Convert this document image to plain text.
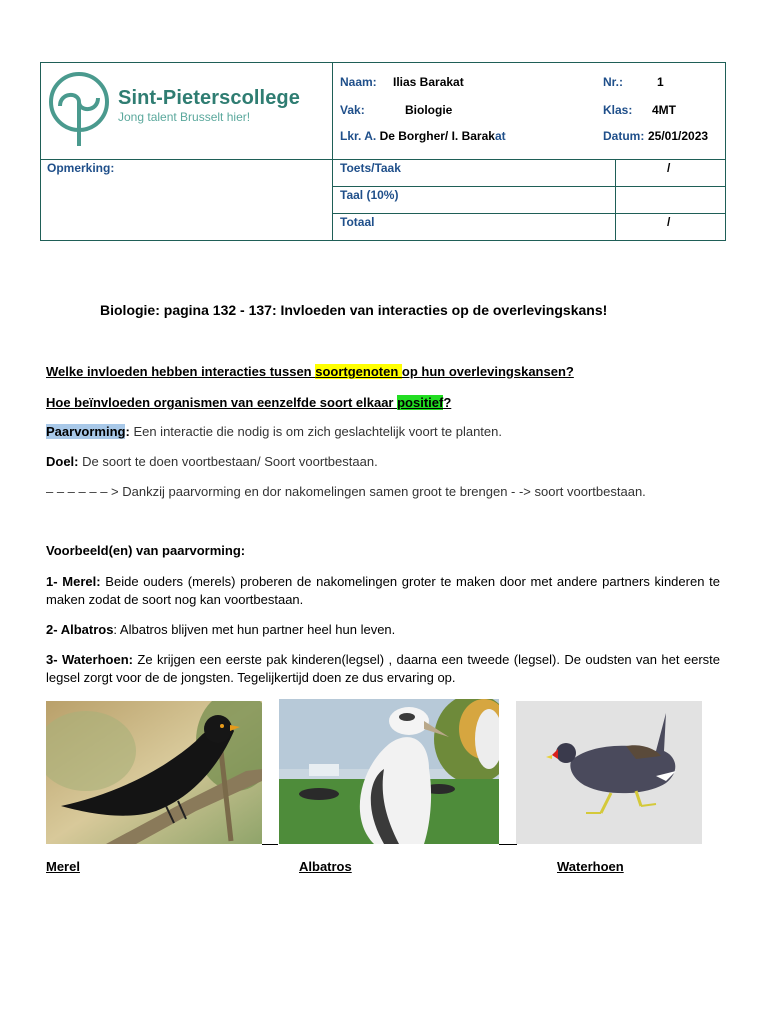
Sint-Pieterscollege
Jong talent Brusselt hier!
Naam: Ilias Barakat	Nr.:	1
Vak:	Biologie	Klas: 4MT
Lkr. A. De Borgher/ I. Barakat	Datum: 25/01/2023
Opmerking:	Toets/Taak	/
Taal (10%)
Totaal	/
Biologie: pagina 132 - 137: Invloeden van interacties op de overlevingskans!
Welke invloeden hebben interacties tussen soortgenoten op hun overlevingskansen?
Hoe beïnvloeden organismen van eenzelfde soort elkaar positief?
Paarvorming: Een interactie die nodig is om zich geslachtelijk voort te planten.
Doel: De soort te doen voortbestaan/ Soort voortbestaan.
– – – – – – > Dankzij paarvorming en dor nakomelingen samen groot te brengen - -> soort voortbestaan.
Voorbeeld(en) van paarvorming:
1- Merel: Beide ouders (merels) proberen de nakomelingen groter te maken door met andere partners kinderen te maken zodat de soort nog kan voortbestaan.
2- Albatros: Albatros blijven met hun partner heel hun leven.
3- Waterhoen: Ze krijgen een eerste pak kinderen(legsel) , daarna een tweede (legsel). De oudsten van het eerste legsel zorgt voor de de jongsten. Tegelijkertijd doen ze dus ervaring op.
Merel	Albatros	Waterhoen
